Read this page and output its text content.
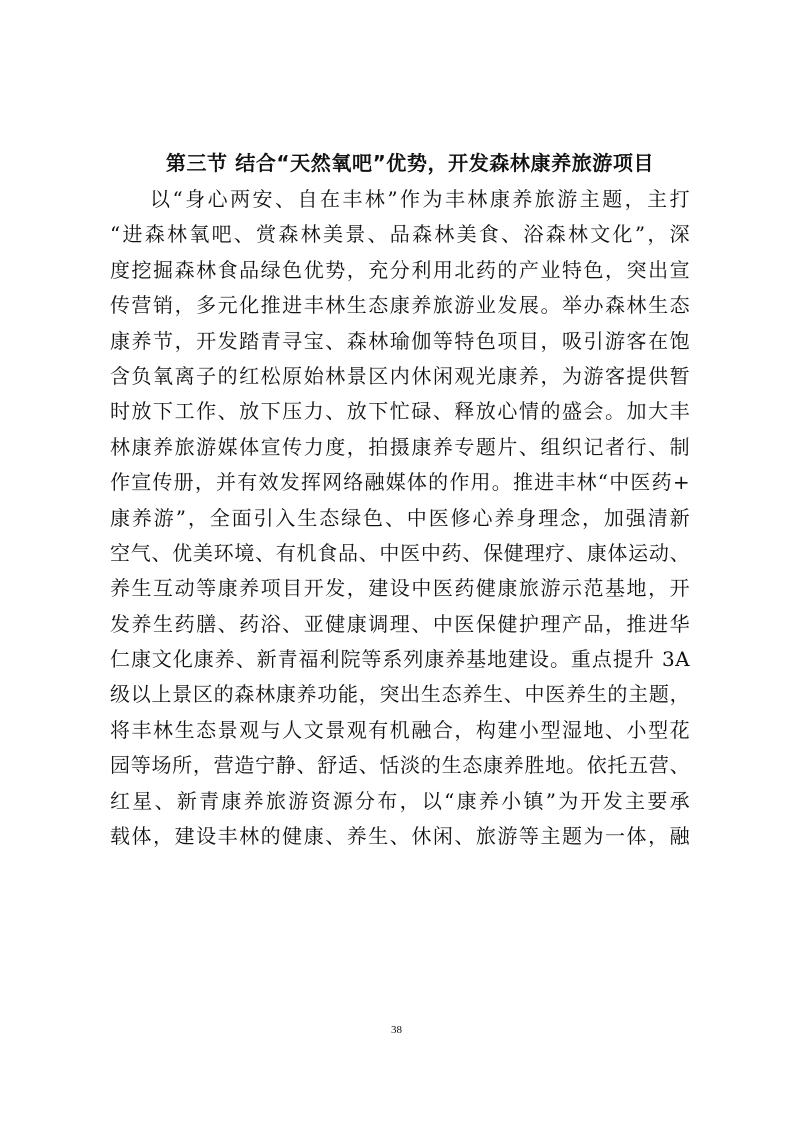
第三节 结合“天然氧吧”优势，开发森林康养旅游项目
以“身心两安、自在丰林”作为丰林康养旅游主题，主打
“进森林氧吧、赏森林美景、品森林美食、浴森林文化”，深
度挖掘森林食品绿色优势，充分利用北药的产业特色，突出宣
传营销，多元化推进丰林生态康养旅游业发展。举办森林生态
康养节，开发踏青寻宝、森林瑜伽等特色项目，吸引游客在饱
含负氧离子的红松原始林景区内休闲观光康养，为游客提供暂
时放下工作、放下压力、放下忙碌、释放心情的盛会。加大丰
林康养旅游媒体宣传力度，拍摄康养专题片、组织记者行、制
作宣传册，并有效发挥网络融媒体的作用。推进丰林“中医药+
康养游”，全面引入生态绿色、中医修心养身理念，加强清新
空气、优美环境、有机食品、中医中药、保健理疗、康体运动、
养生互动等康养项目开发，建设中医药健康旅游示范基地，开
发养生药膳、药浴、亚健康调理、中医保健护理产品，推进华
仁康文化康养、新青福利院等系列康养基地建设。重点提升 3A
级以上景区的森林康养功能，突出生态养生、中医养生的主题，
将丰林生态景观与人文景观有机融合，构建小型湿地、小型花
园等场所，营造宁静、舒适、恬淡的生态康养胜地。依托五营、
红星、新青康养旅游资源分布，以“康养小镇”为开发主要承
载体，建设丰林的健康、养生、休闲、旅游等主题为一体，融
38
